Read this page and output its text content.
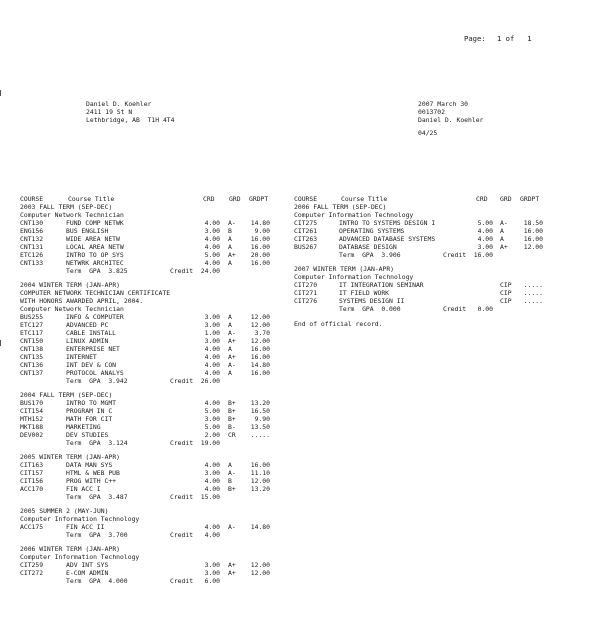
Page: 1 of   1
Daniel D. Koehler
2411 19 St N
Lethbridge, AB  T1H 4T4
2007 March 30
0013702
Daniel D. Koehler
04/25
COURSE	Course Title	CRD GRD GRDPT
2003 FALL TERM (SEP-DEC)
Computer Network Technician
CNT130	FUND COMP NETWK	4.00 A- 14.80
ENG156	BUS ENGLISH	3.00 B	9.00
CNT132	WIDE AREA NETW	4.00 A	16.00
CNT131	LOCAL AREA NETW	4.00 A	16.00
ETC126	INTRO TO OP SYS	5.00 A+ 20.00
CNT133	NETWRK ARCHITEC	4.00 A	16.00
Term  GPA  3.825	Credit  24.00
2004 WINTER TERM (JAN-APR)
COMPUTER NETWORK TECHNICIAN CERTIFICATE
WITH HONORS AWARDED APRIL, 2004.
Computer Network Technician
BUS255	INFO & COMPUTER	3.00 A	12.00
ETC127	ADVANCED PC	3.00 A	12.00
ETC117	CABLE INSTALL	1.00 A-	3.70
CNT150	LINUX ADMIN	3.00 A+ 12.00
CNT138	ENTERPRISE NET	4.00 A	16.00
CNT135	INTERNET	4.00 A+ 16.00
CNT136	INT DEV & CON	4.00 A- 14.80
CNT137	PROTOCOL ANALYS	4.00 A	16.00
Term  GPA  3.942	Credit  26.00
2004 FALL TERM (SEP-DEC)
BUS170	INTRO TO MGMT	4.00 B+ 13.20
CIT154	PROGRAM IN C	5.00 B+ 16.50
MTH152	MATH FOR CIT	3.00 B+	9.90
MKT188	MARKETING	5.00 B- 13.50
DEV002	DEV STUDIES	2.00 CR .....
Term  GPA  3.124	Credit  19.00
2005 WINTER TERM (JAN-APR)
CIT163	DATA MAN SYS	4.00 A	16.00
CIT157	HTML & WEB PUB	3.00 A- 11.10
CIT156	PROG WITH C++	4.00 B	12.00
ACC170	FIN ACC I	4.00 B+ 13.20
Term  GPA  3.487	Credit  15.00
2005 SUMMER 2 (MAY-JUN)
Computer Information Technology
ACC175	FIN ACC II	4.00 A- 14.80
Term  GPA  3.700	Credit   4.00
2006 WINTER TERM (JAN-APR)
Computer Information Technology
CIT259	ADV INT SYS	3.00 A+ 12.00
CIT272	E-COM ADMIN	3.00 A+ 12.00
Term  GPA  4.000	Credit   6.00
COURSE	Course Title	CRD GRD GRDPT
2006 FALL TERM (SEP-DEC)
Computer Information Technology
CIT275	INTRO TO SYSTEMS DESIGN I	5.00 A-	18.50
CIT261	OPERATING SYSTEMS	4.00 A	16.00
CIT263	ADVANCED DATABASE SYSTEMS	4.00 A	16.00
BUS267	DATABASE DESIGN	3.00 A+	12.00
Term  GPA  3.906	Credit  16.00
2007 WINTER TERM (JAN-APR)
Computer Information Technology
CIT270	IT INTEGRATION SEMINAR	CIP .....
CIT271	IT FIELD WORK	CIP .....
CIT276	SYSTEMS DESIGN II	CIP .....
Term  GPA  0.000	Credit   0.00
End of official record.
